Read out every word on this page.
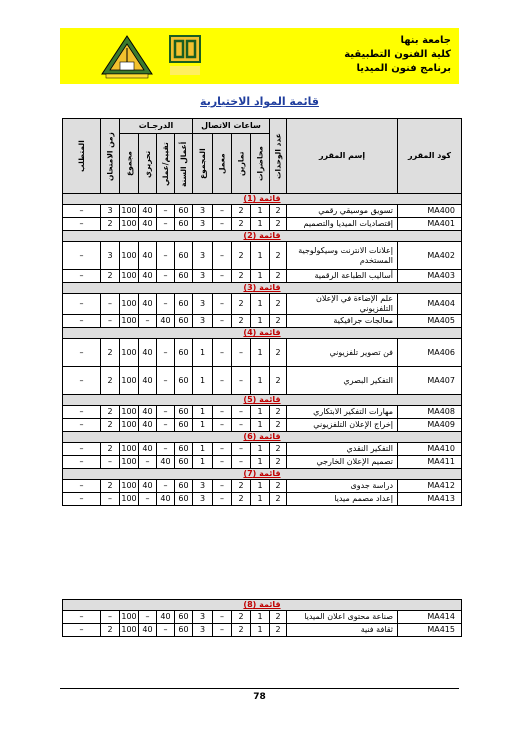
جامعة بنها
كلية الفنون التطبيقية
برنامج فنون الميديا
قائمة المواد الاختيارية
المتطلب	زمن الامتحان	الدرجـات				ساعات الاتصال				عدد الوحدات	إسم المقرر	كود المقرر
		مجموع	تحريري	تقييم/عملي	أعمال السنة	المجموع	معمل	تمارين	محاضرات			
قائمة (1)												
–	3	100	40	–	60	3	–	2	1	2	تسويق موسيقي رقمي	MA400
–	2	100	40	–	60	3	–	2	1	2	إقتصاديات الميديا والتصميم	MA401
قائمة (2)												
–	3	100	40	–	60	3	–	2	1	2	إعلانات الانترنت وسيكولوجية المستخدم	MA402
–	2	100	40	–	60	3	–	2	1	2	أساليب الطباعة الرقمية	MA403
قائمة (3)												
–	–	100	40	–	60	3	–	2	1	2	علم الإضاءة في الإعلان التلفزيوني	MA404
–	–	100	–	40	60	3	–	2	1	2	معالجات جرافيكية	MA405
قائمة (4)												
–	2	100	40	–	60	1	–	–	1	2	فن تصوير تلفزيوني	MA406
–	2	100	40	–	60	1	–	–	1	2	التفكير البصري	MA407
قائمة (5)												
–	2	100	40	–	60	1	–	–	1	2	مهارات التفكير الابتكاري	MA408
–	2	100	40	–	60	1	–	–	1	2	إخراج الإعلان التلفزيوني	MA409
قائمة (6)												
–	2	100	40	–	60	1	–	–	1	2	التفكير النقدي	MA410
–	–	100	–	40	60	1	–	–	1	2	تصميم الإعلان الخارجي	MA411
قائمة (7)												
–	2	100	40	–	60	3	–	2	1	2	دراسة جدوى	MA412
–	–	100	–	40	60	3	–	2	1	2	إعداد مصمم ميديا	MA413
قائمة (8)												
–	–	100	–	40	60	3	–	2	1	2	صناعة محتوى اعلان الميديا	MA414
–	2	100	40	–	60	3	–	2	1	2	ثقافة فنية	MA415
78
